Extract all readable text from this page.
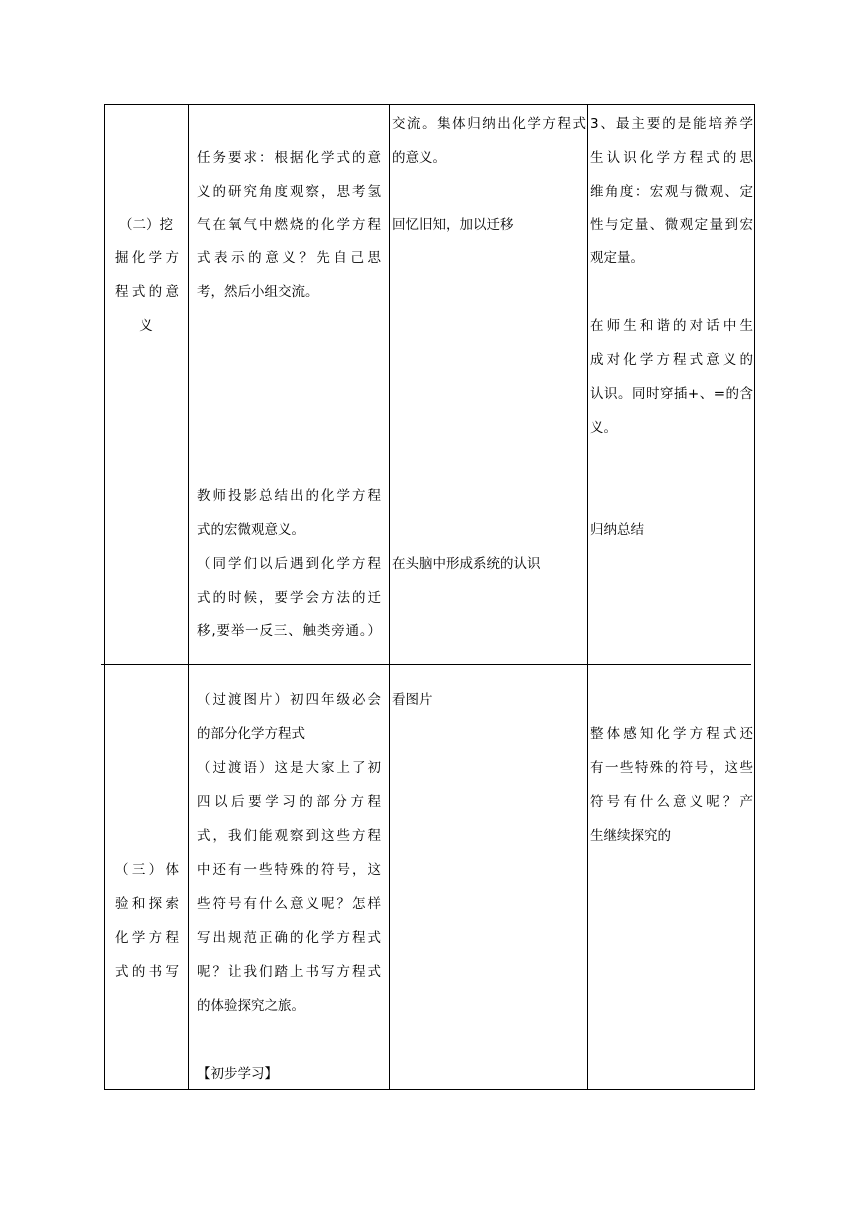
（二）挖
掘化学方
程式的意
义
任务要求：根据化学式的意
义的研究角度观察，思考氢
气在氧气中燃烧的化学方程
式表示的意义？先自己思
考，然后小组交流。
教师投影总结出的化学方程
式的宏微观意义。
（同学们以后遇到化学方程
式的时候，要学会方法的迁
移,要举一反三、触类旁通。）
交流。集体归纳出化学方程式
的意义。
回忆旧知，加以迁移
在头脑中形成系统的认识
3、最主要的是能培养学
生认识化学方程式的思
维角度：宏观与微观、定
性与定量、微观定量到宏
观定量。
在师生和谐的对话中生
成对化学方程式意义的
认识。同时穿插+、=的含
义。
归纳总结
（三）体
验和探索
化学方程
式的书写
（过渡图片）初四年级必会
的部分化学方程式
（过渡语）这是大家上了初
四以后要学习的部分方程
式，我们能观察到这些方程
中还有一些特殊的符号，这
些符号有什么意义呢？怎样
写出规范正确的化学方程式
呢？让我们踏上书写方程式
的体验探究之旅。
【初步学习】
看图片
整体感知化学方程式还
有一些特殊的符号，这些
符号有什么意义呢？产
生继续探究的
